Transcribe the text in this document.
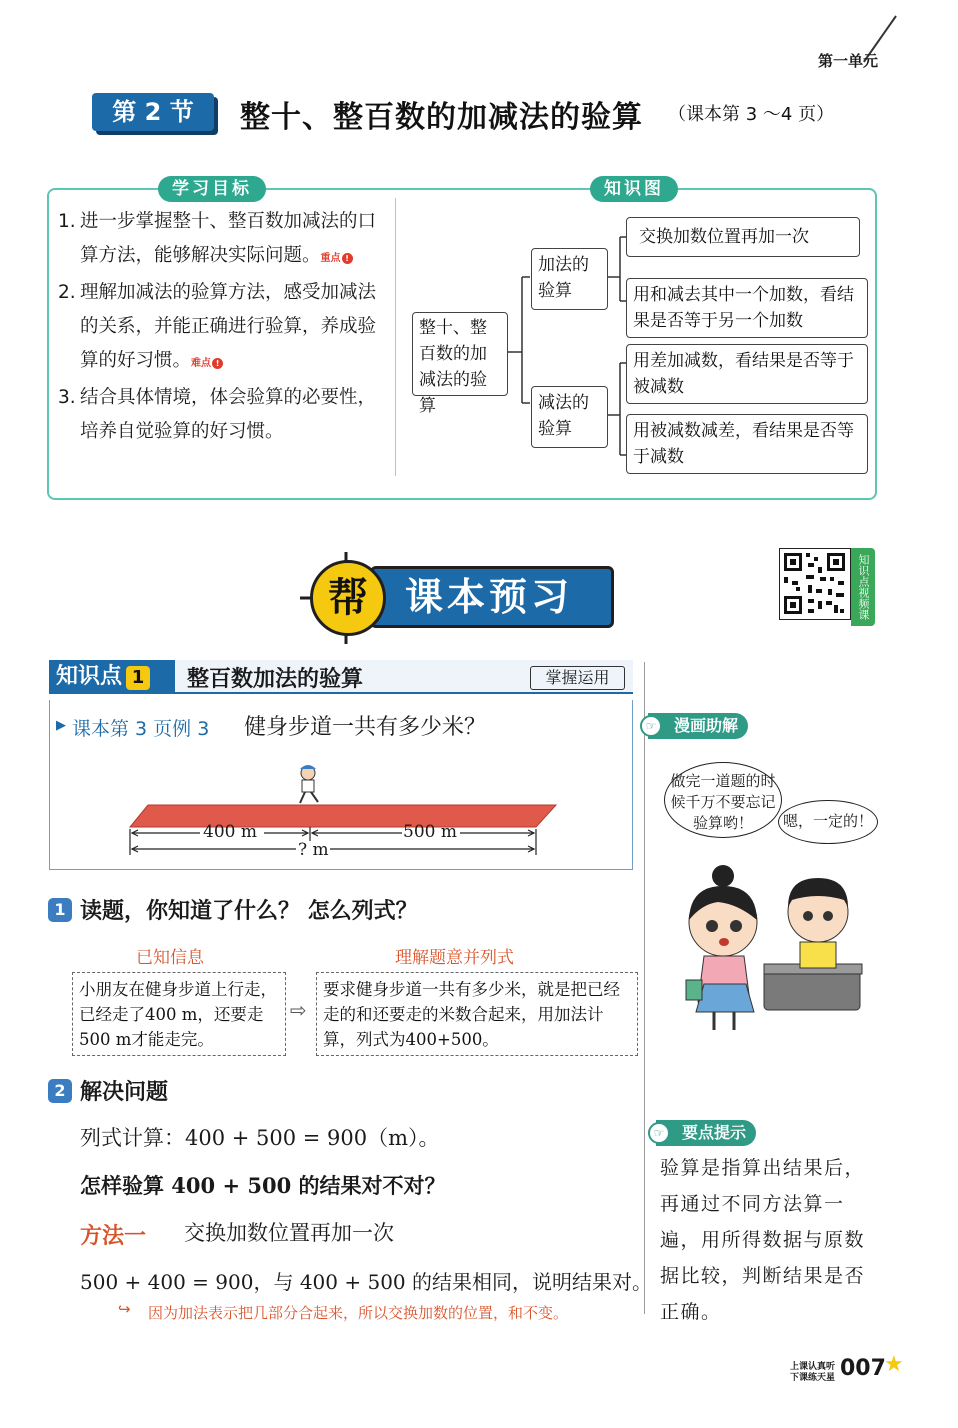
第一单元
第 2 节	整十、整百数的加减法的验算 （课本第 3 ～4 页）
学习目标	知识图
1. 进一步掌握整十、整百数加减法的口算方法，能够解决实际问题。重点 !
2. 理解加减法的验算方法，感受加减法的关系，并能正确进行验算，养成验算的好习惯。难点 !
3. 结合具体情境，体会验算的必要性，培养自觉验算的好习惯。
整十、整百数的加减法的验算
加法的验算
减法的验算
交换加数位置再加一次
用和减去其中一个加数，看结果是否等于另一个加数
用差加减数，看结果是否等于被减数
用被减数减差，看结果是否等于减数
课本预习
帮	知识点视频课
知识点 1	整百数加法的验算	掌握运用
▶ 课本第 3 页例 3 健身步道一共有多少米？
400 m	500 m
? m
1 读题，你知道了什么？ 怎么列式？
已知信息	理解题意并列式
小朋友在健身步道上行走，已经走了400 m，还要走500 m才能走完。
⇨
要求健身步道一共有多少米，就是把已经走的和还要走的米数合起来，用加法计算，列式为400+500。
2 解决问题
列式计算：400 + 500 = 900（m）。
怎样验算 400 + 500 的结果对不对？
方法一 交换加数位置再加一次
500 + 400 = 900，与 400 + 500 的结果相同，说明结果对。
↪ 因为加法表示把几部分合起来，所以交换加数的位置，和不变。
漫画助解
☞
做完一道题的时候千万不要忘记验算哟！	嗯，一定的！
要点提示
☞
验算是指算出结果后，再通过不同方法算一遍，用所得数据与原数据比较，判断结果是否正确。
上课认真听
下课练天星 007
★
